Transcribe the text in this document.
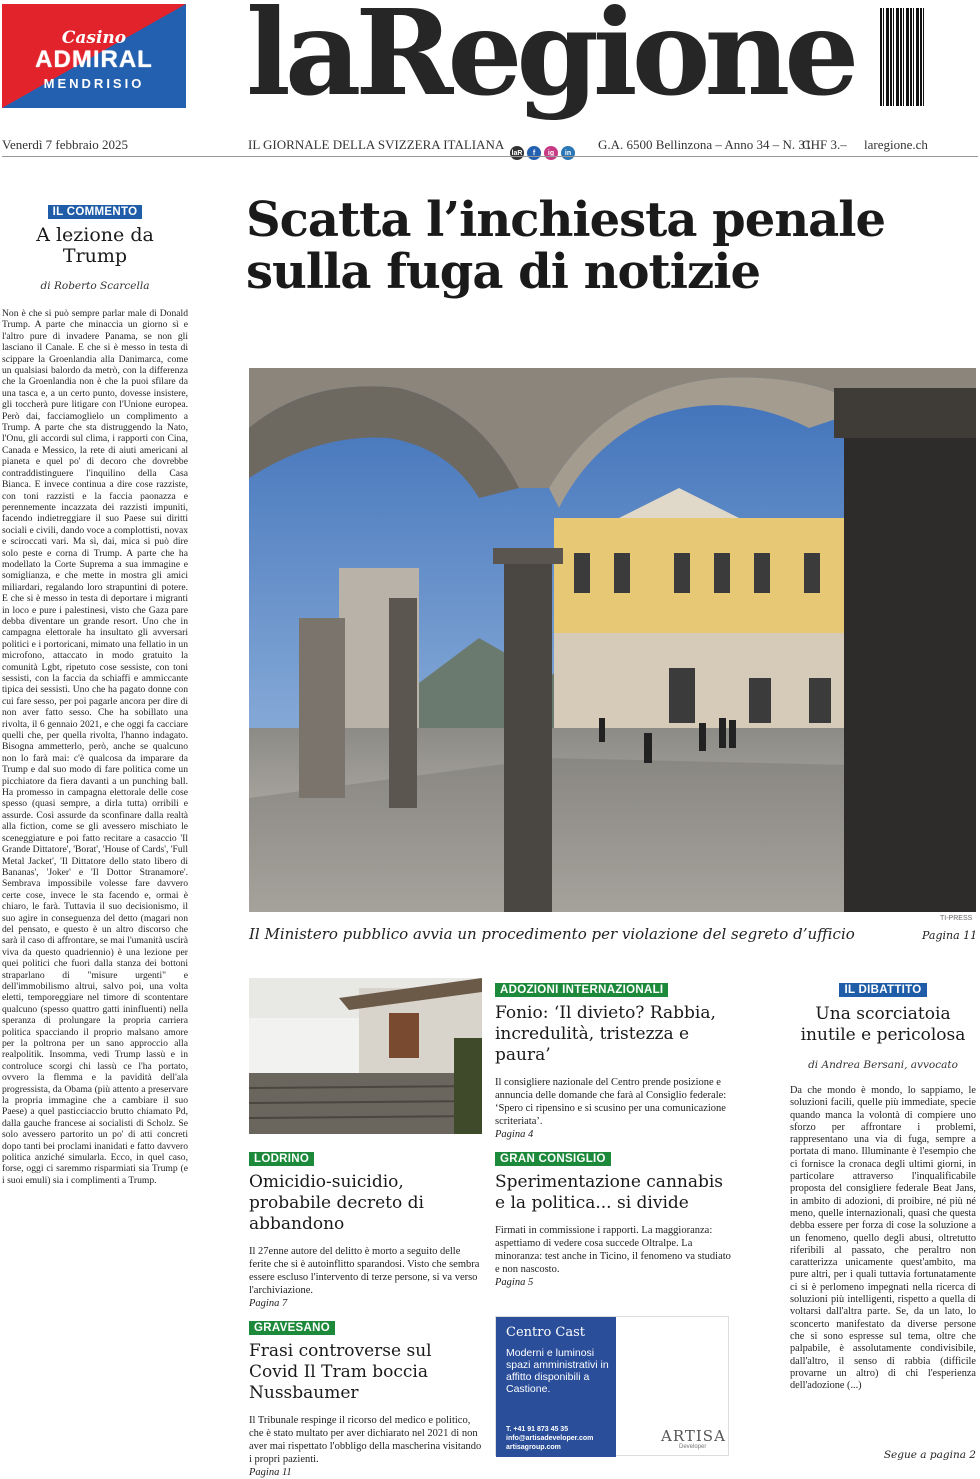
Casino
ADMIRAL
MENDRISIO laRegione
Venerdì 7 febbraio 2025	IL GIORNALE DELLA SVIZZERA ITALIANA
laR	f	ig	in
G.A. 6500 Bellinzona – Anno 34 – N. 31
CHF 3.– laregione.ch
IL COMMENTO
A lezione da Trump
di Roberto Scarcella
Non è che si può sempre parlar male di Donald Trump. A parte che minaccia un giorno sì e l'altro pure di invadere Panama, se non gli lasciano il Canale. E che si è messo in testa di scippare la Groenlandia alla Danimarca, come un qualsiasi balordo da metrò, con la differenza che la Groenlandia non è che la puoi sfilare da una tasca e, a un certo punto, dovesse insistere, gli toccherà pure litigare con l'Unione europea. Però dai, facciamoglielo un complimento a Trump. A parte che sta distruggendo la Nato, l'Onu, gli accordi sul clima, i rapporti con Cina, Canada e Messico, la rete di aiuti americani al pianeta e quel po' di decoro che dovrebbe contraddistinguere l'inquilino della Casa Bianca. E invece continua a dire cose razziste, con toni razzisti e la faccia paonazza e perennemente incazzata dei razzisti impuniti, facendo indietreggiare il suo Paese sui diritti sociali e civili, dando voce a complottisti, novax e sciroccati vari. Ma sì, dai, mica si può dire solo peste e corna di Trump. A parte che ha modellato la Corte Suprema a sua immagine e somiglianza, e che mette in mostra gli amici miliardari, regalando loro strapuntini di potere. E che si è messo in testa di deportare i migranti in loco e pure i palestinesi, visto che Gaza pare debba diventare un grande resort. Uno che in campagna elettorale ha insultato gli avversari politici e i portoricani, mimato una fellatio in un microfono, attaccato in modo gratuito la comunità Lgbt, ripetuto cose sessiste, con toni sessisti, con la faccia da schiaffi e ammiccante tipica dei sessisti. Uno che ha pagato donne con cui fare sesso, per poi pagarle ancora per dire di non aver fatto sesso. Che ha sobillato una rivolta, il 6 gennaio 2021, e che oggi fa cacciare quelli che, per quella rivolta, l'hanno indagato. Bisogna ammetterlo, però, anche se qualcuno non lo farà mai: c'è qualcosa da imparare da Trump e dal suo modo di fare politica come un picchiatore da fiera davanti a un punching ball. Ha promesso in campagna elettorale delle cose spesso (quasi sempre, a dirla tutta) orribili e assurde. Così assurde da sconfinare dalla realtà alla fiction, come se gli avessero mischiato le sceneggiature e poi fatto recitare a casaccio 'Il Grande Dittatore', 'Borat', 'House of Cards', 'Full Metal Jacket', 'Il Dittatore dello stato libero di Bananas', 'Joker' e 'Il Dottor Stranamore'. Sembrava impossibile volesse fare davvero certe cose, invece le sta facendo e, ormai è chiaro, le farà. Tuttavia il suo decisionismo, il suo agire in conseguenza del detto (magari non del pensato, e questo è un altro discorso che sarà il caso di affrontare, se mai l'umanità uscirà viva da questo quadriennio) è una lezione per quei politici che fuori dalla stanza dei bottoni straparlano di "misure urgenti" e dell'immobilismo altrui, salvo poi, una volta eletti, temporeggiare nel timore di scontentare qualcuno (spesso quattro gatti ininfluenti) nella speranza di prolungare la propria carriera politica spacciando il proprio malsano amore per la poltrona per un sano approccio alla realpolitik. Insomma, vedi Trump lassù e in controluce scorgi chi lassù ce l'ha portato, ovvero la flemma e la pavidità dell'ala progressista, da Obama (più attento a preservare la propria immagine che a cambiare il suo Paese) a quel pasticciaccio brutto chiamato Pd, dalla gauche francese ai socialisti di Scholz. Se solo avessero partorito un po' di atti concreti dopo tanti bei proclami inanidati e fatto davvero politica anziché simularla. Ecco, in quel caso, forse, oggi ci saremmo risparmiati sia Trump (e i suoi emuli) sia i complimenti a Trump.
Scatta l’inchiesta penale sulla fuga di notizie
TI-PRESS
Il Ministero pubblico avvia un procedimento per violazione del segreto d’ufficio	Pagina 11
LODRINO
Omicidio-suicidio, probabile decreto di abbandono

Il 27enne autore del delitto è morto a seguito delle ferite che si è autoinflitto sparandosi. Visto che sembra essere escluso l'intervento di terze persone, si va verso l'archiviazione.
Pagina 7

GRAVESANO
Frasi controverse sul Covid Il Tram boccia Nussbaumer

Il Tribunale respinge il ricorso del medico e politico, che è stato multato per aver dichiarato nel 2021 di non aver mai rispettato l'obbligo della mascherina visitando i propri pazienti.
Pagina 11

ADOZIONI INTERNAZIONALI
Fonio: ‘Il divieto? Rabbia, incredulità, tristezza e paura’

Il consigliere nazionale del Centro prende posizione e annuncia delle domande che farà al Consiglio federale: ‘Spero ci ripensino e si scusino per una comunicazione scriteriata’.
Pagina 4

GRAN CONSIGLIO
Sperimentazione cannabis e la politica... si divide

Firmati in commissione i rapporti. La maggioranza: aspettiamo di vedere cosa succede Oltralpe. La minoranza: test anche in Ticino, il fenomeno va studiato e non nascosto.
Pagina 5

Centro Cast
Moderni e luminosi spazi amministrativi in affitto disponibili a Castione.
T. +41 91 873 45 35
info@artisadeveloper.com
artisagroup.com
ARTISA
Developer
IL DIBATTITO
Una scorciatoia inutile e pericolosa
di Andrea Bersani, avvocato
Da che mondo è mondo, lo sappiamo, le soluzioni facili, quelle più immediate, specie quando manca la volontà di compiere uno sforzo per affrontare i problemi, rappresentano una via di fuga, sempre a portata di mano. Illuminante è l'esempio che ci fornisce la cronaca degli ultimi giorni, in particolare attraverso l'inqualificabile proposta del consigliere federale Beat Jans, in ambito di adozioni, di proibire, né più né meno, quelle internazionali, quasi che questa debba essere per forza di cose la soluzione a un fenomeno, quello degli abusi, oltretutto riferibili al passato, che peraltro non caratterizza unicamente quest'ambito, ma pure altri, per i quali tuttavia fortunatamente ci si è perlomeno impegnati nella ricerca di soluzioni più intelligenti, rispetto a quella di voltarsi dall'altra parte. Se, da un lato, lo sconcerto manifestato da diverse persone che si sono espresse sul tema, oltre che palpabile, è assolutamente condivisibile, dall'altro, il senso di rabbia (difficile provarne un altro) di chi l'esperienza dell'adozione (...)
Segue a pagina 2
